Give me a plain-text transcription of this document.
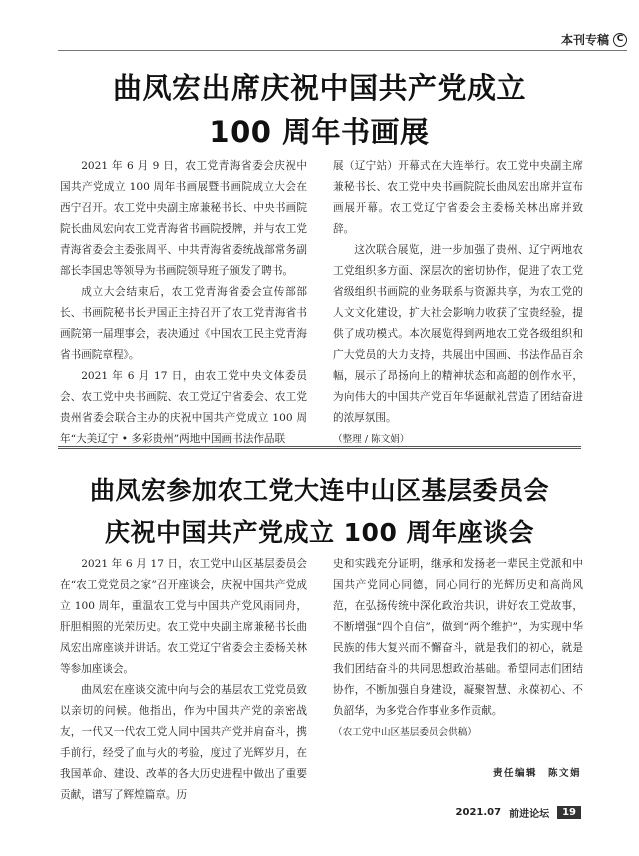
本刊专稿 C
曲凤宏出席庆祝中国共产党成立
100 周年书画展

2021 年 6 月 9 日，农工党青海省委会庆祝中国共产党成立 100 周年书画展暨书画院成立大会在西宁召开。农工党中央副主席兼秘书长、中央书画院院长曲凤宏向农工党青海省书画院授牌，并与农工党青海省委会主委张周平、中共青海省委统战部常务副部长李国忠等领导为书画院领导班子颁发了聘书。

成立大会结束后，农工党青海省委会宣传部部长、书画院秘书长尹国正主持召开了农工党青海省书画院第一届理事会，表决通过《中国农工民主党青海省书画院章程》。

2021 年 6 月 17 日，由农工党中央文体委员会、农工党中央书画院、农工党辽宁省委会、农工党贵州省委会联合主办的庆祝中国共产党成立 100 周年“大美辽宁 • 多彩贵州”两地中国画书法作品联

展（辽宁站）开幕式在大连举行。农工党中央副主席兼秘书长、农工党中央书画院院长曲凤宏出席并宣布画展开幕。农工党辽宁省委会主委杨关林出席并致辞。

这次联合展览，进一步加强了贵州、辽宁两地农工党组织多方面、深层次的密切协作，促进了农工党省级组织书画院的业务联系与资源共享，为农工党的人文文化建设，扩大社会影响力收获了宝贵经验，提供了成功模式。本次展览得到两地农工党各级组织和广大党员的大力支持，共展出中国画、书法作品百余幅，展示了昂扬向上的精神状态和高超的创作水平，为向伟大的中国共产党百年华诞献礼营造了团结奋进的浓厚氛围。

（整理 / 陈文娟）

曲凤宏参加农工党大连中山区基层委员会
庆祝中国共产党成立 100 周年座谈会

2021 年 6 月 17 日，农工党中山区基层委员会在“农工党党员之家”召开座谈会，庆祝中国共产党成立 100 周年，重温农工党与中国共产党风雨同舟，肝胆相照的光荣历史。农工党中央副主席兼秘书长曲凤宏出席座谈并讲话。农工党辽宁省委会主委杨关林等参加座谈会。

曲凤宏在座谈交流中向与会的基层农工党党员致以亲切的问候。他指出，作为中国共产党的亲密战友，一代又一代农工党人同中国共产党并肩奋斗，携手前行，经受了血与火的考验，度过了光辉岁月，在我国革命、建设、改革的各大历史进程中做出了重要贡献，谱写了辉煌篇章。历

史和实践充分证明，继承和发扬老一辈民主党派和中国共产党同心同德，同心同行的光辉历史和高尚风范，在弘扬传统中深化政治共识，讲好农工党故事，不断增强“四个自信”，做到“两个维护”，为实现中华民族的伟大复兴而不懈奋斗，就是我们的初心，就是我们团结奋斗的共同思想政治基础。希望同志们团结协作，不断加强自身建设，凝聚智慧、永葆初心、不负韶华，为多党合作事业多作贡献。

（农工党中山区基层委员会供稿）

责任编辑　陈文娟
2021.07 前进论坛	19
